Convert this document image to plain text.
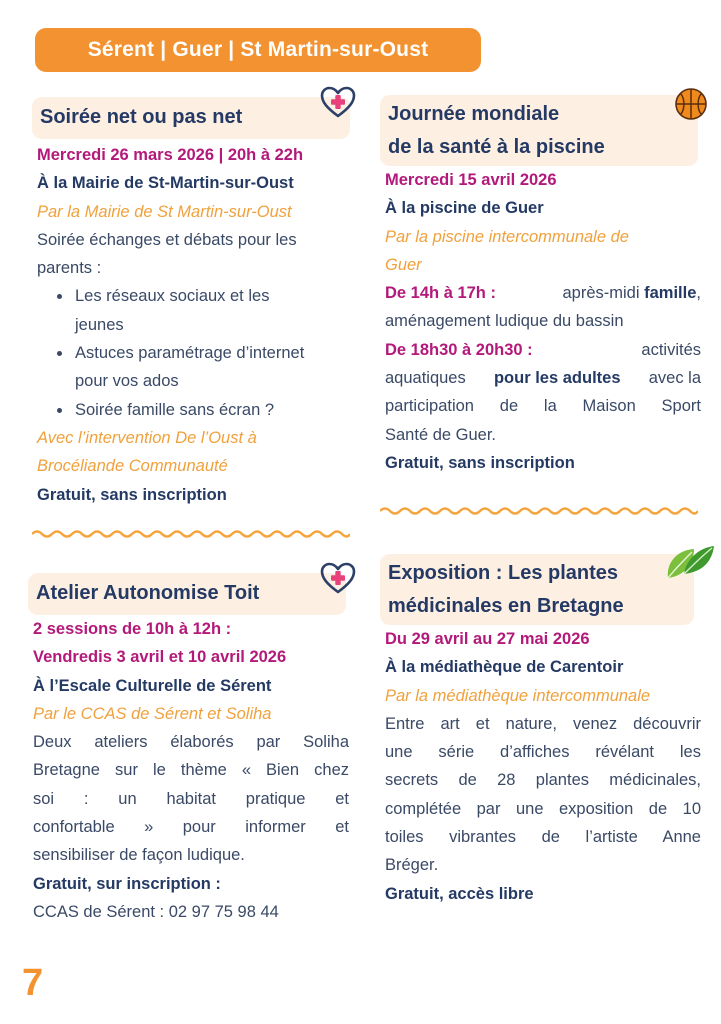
Sérent | Guer | St Martin-sur-Oust
Soirée net ou pas net

Mercredi 26 mars 2026 | 20h à 22h

À la Mairie de St-Martin-sur-Oust

Par la Mairie de St Martin-sur-Oust

Soirée échanges et débats pour les

parents :

• Les réseaux sociaux et les
jeunes
• Astuces paramétrage d’internet
pour vos ados
• Soirée famille sans écran ?

Avec l’intervention De l’Oust à

Brocéliande Communauté

Gratuit, sans inscription

Journée mondiale
de la santé à la piscine

Mercredi 15 avril 2026

À la piscine de Guer

Par la piscine intercommunale de

Guer

De 14h à 17h :	après-midi famille,

aménagement ludique du bassin

De 18h30 à 20h30 :	activités

aquatiques pour les adultes avec la

participation de la Maison Sport

Santé de Guer.

Gratuit, sans inscription

Atelier Autonomise Toit

2 sessions de 10h à 12h :

Vendredis 3 avril et 10 avril 2026

À l’Escale Culturelle de Sérent

Par le CCAS de Sérent et Soliha

Deux ateliers élaborés par Soliha

Bretagne sur le thème « Bien chez

soi : un habitat pratique et

confortable » pour informer et

sensibiliser de façon ludique.

Gratuit, sur inscription :

CCAS de Sérent : 02 97 75 98 44

Exposition : Les plantes
médicinales en Bretagne

Du 29 avril au 27 mai 2026

À la médiathèque de Carentoir

Par la médiathèque intercommunale

Entre art et nature, venez découvrir

une série d’affiches révélant les

secrets de 28 plantes médicinales,

complétée par une exposition de 10

toiles vibrantes de l’artiste Anne

Bréger.

Gratuit, accès libre

7
